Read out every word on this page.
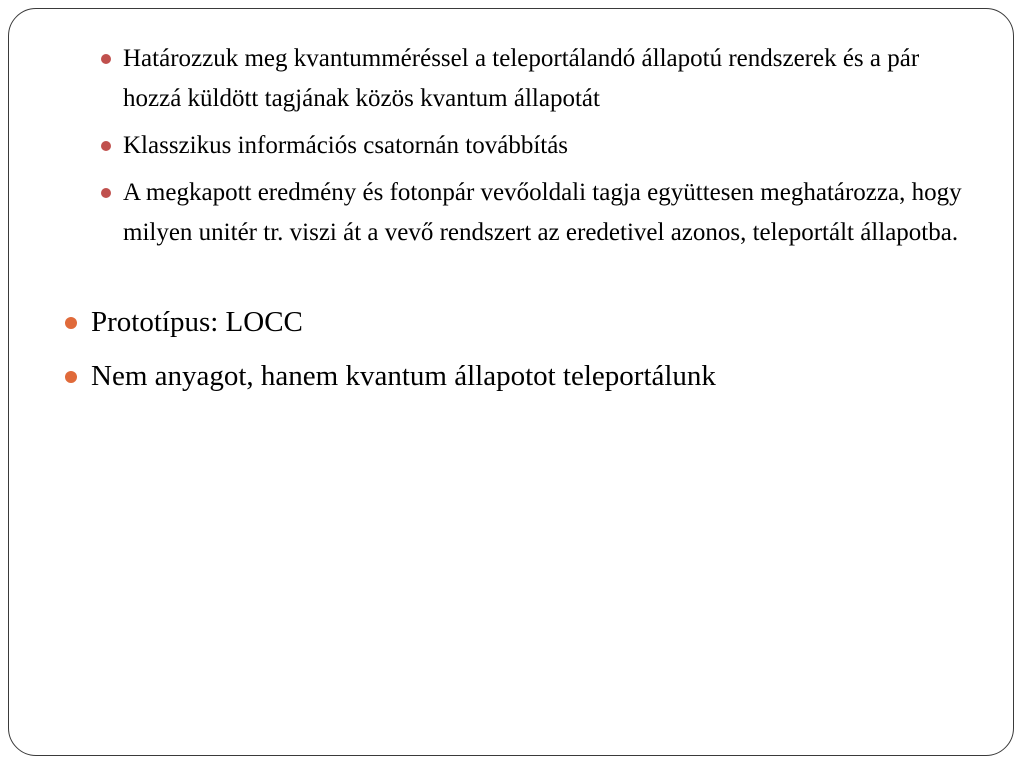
Határozzuk meg kvantumméréssel a teleportálandó állapotú rendszerek és a pár hozzá küldött tagjának közös kvantum állapotát
Klasszikus információs csatornán továbbítás
A megkapott eredmény és fotonpár vevőoldali tagja együttesen meghatározza, hogy milyen unitér tr. viszi át a vevő rendszert az eredetivel azonos, teleportált állapotba.
Prototípus: LOCC
Nem anyagot, hanem kvantum állapotot teleportálunk
